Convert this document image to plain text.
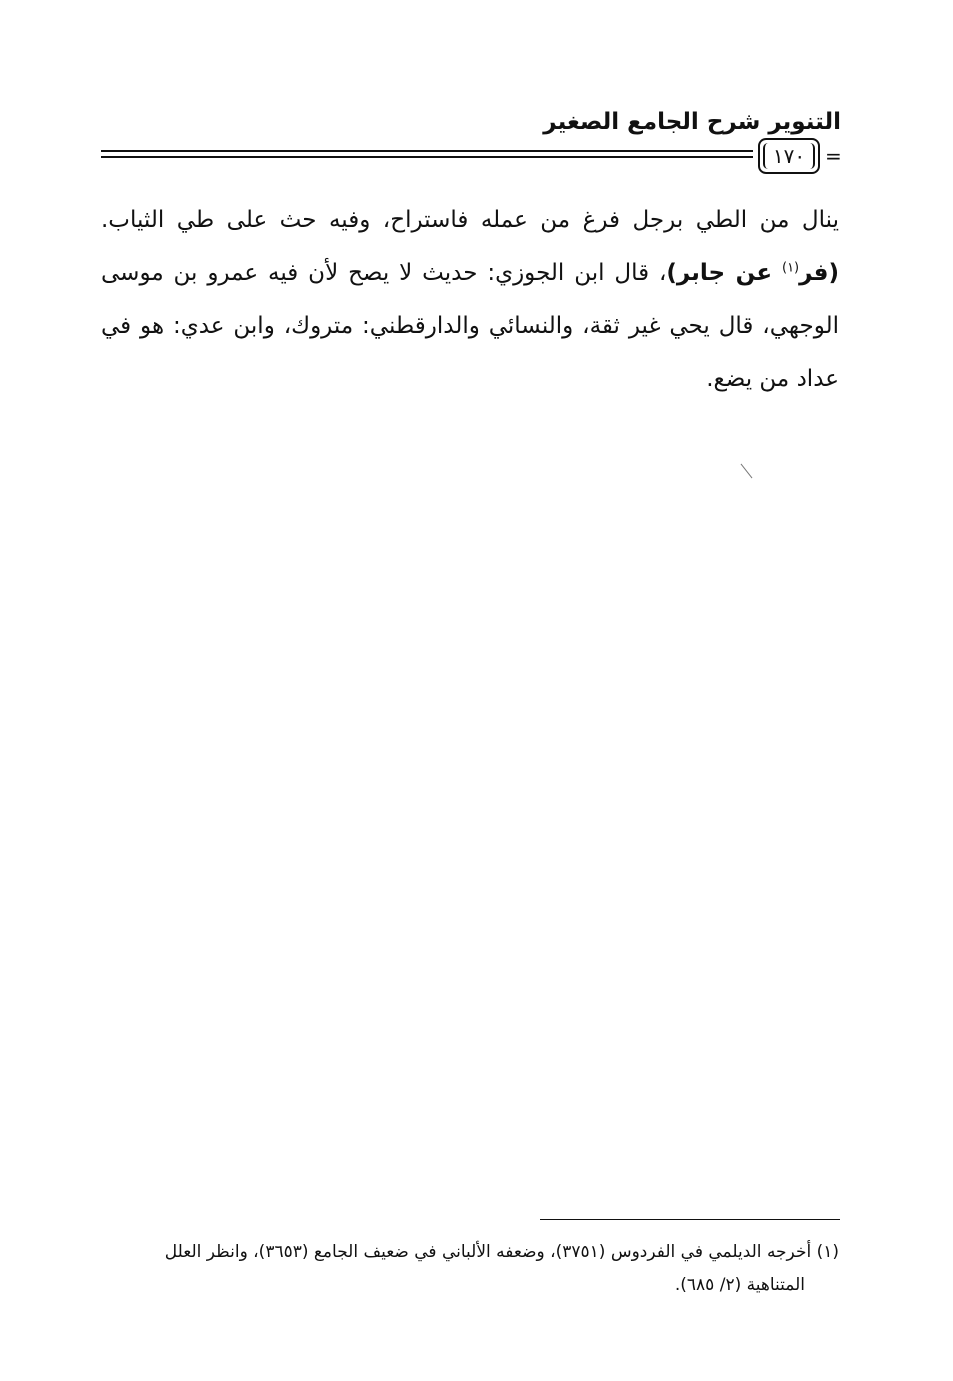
التنوير شرح الجامع الصغير
١٧٠ =
ينال من الطي برجل فرغ من عمله فاستراح، وفيه حث على طي الثياب. (فر$^{(١)}$ عن جابر)، قال ابن الجوزي: حديث لا يصح لأن فيه عمرو بن موسى الوجهي، قال يحي غير ثقة، والنسائي والدارقطني: متروك، وابن عدي: هو في عداد من يضع.
(١) أخرجه الديلمي في الفردوس (٣٧٥١)، وضعفه الألباني في ضعيف الجامع (٣٦٥٣)، وانظر العلل
المتناهية (٢/ ٦٨٥).
